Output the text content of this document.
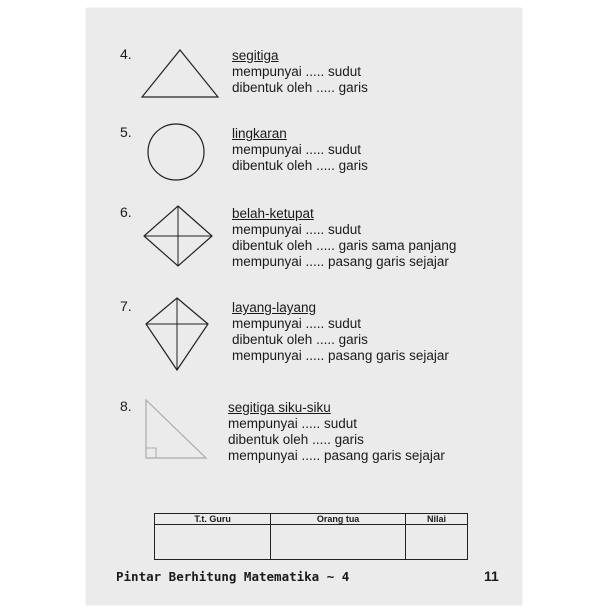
4.	segitiga
mempunyai ..... sudut
dibentuk oleh ..... garis
5.	lingkaran
mempunyai ..... sudut
dibentuk oleh ..... garis
6.	belah-ketupat
mempunyai ..... sudut
dibentuk oleh ..... garis sama panjang
mempunyai ..... pasang garis sejajar
7.	layang-layang
mempunyai ..... sudut
dibentuk oleh ..... garis
mempunyai ..... pasang garis sejajar
8.	segitiga siku-siku
mempunyai ..... sudut
dibentuk oleh ..... garis
mempunyai ..... pasang garis sejajar
T.t. Guru	Orang tua	Nilai

Pintar Berhitung Matematika ~ 4	11
